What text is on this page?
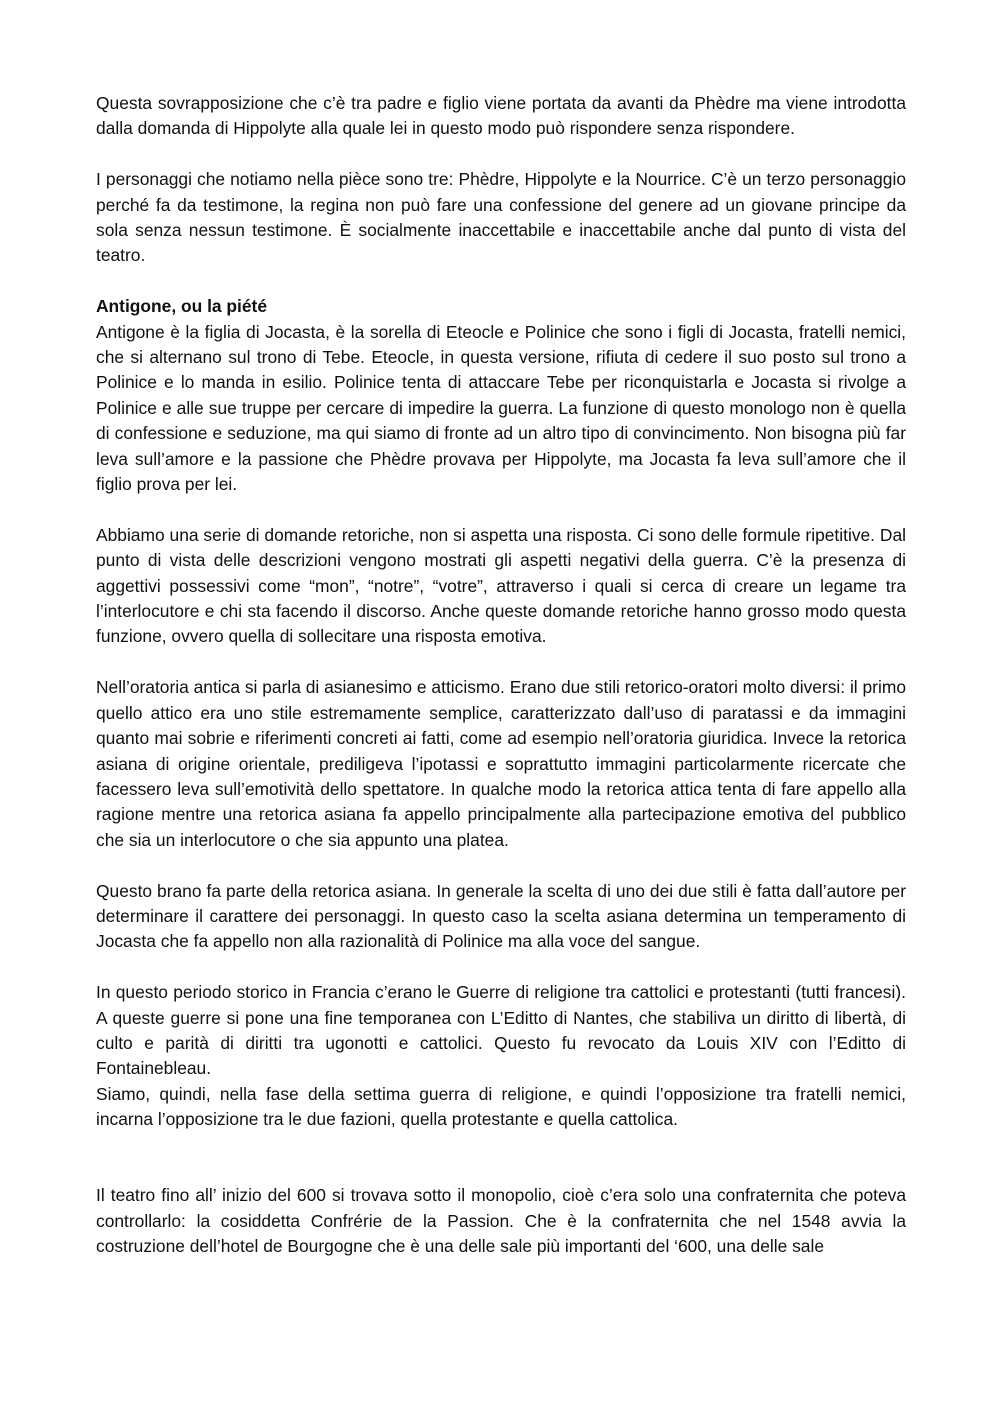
Questa sovrapposizione che c’è tra padre e figlio viene portata da avanti da Phèdre ma viene introdotta dalla domanda di Hippolyte alla quale lei in questo modo può rispondere senza rispondere.

I personaggi che notiamo nella pièce sono tre: Phèdre, Hippolyte e la Nourrice. C’è un terzo personaggio perché fa da testimone, la regina non può fare una confessione del genere ad un giovane principe da sola senza nessun testimone. È socialmente inaccettabile e inaccettabile anche dal punto di vista del teatro.

Antigone, ou la piété

Antigone è la figlia di Jocasta, è la sorella di Eteocle e Polinice che sono i figli di Jocasta, fratelli nemici, che si alternano sul trono di Tebe. Eteocle, in questa versione, rifiuta di cedere il suo posto sul trono a Polinice e lo manda in esilio. Polinice tenta di attaccare Tebe per riconquistarla e Jocasta si rivolge a Polinice e alle sue truppe per cercare di impedire la guerra. La funzione di questo monologo non è quella di confessione e seduzione, ma qui siamo di fronte ad un altro tipo di convincimento. Non bisogna più far leva sull’amore e la passione che Phèdre provava per Hippolyte, ma Jocasta fa leva sull’amore che il figlio prova per lei.

Abbiamo una serie di domande retoriche, non si aspetta una risposta. Ci sono delle formule ripetitive. Dal punto di vista delle descrizioni vengono mostrati gli aspetti negativi della guerra. C’è la presenza di aggettivi possessivi come “mon”, “notre”, “votre”, attraverso i quali si cerca di creare un legame tra l’interlocutore e chi sta facendo il discorso. Anche queste domande retoriche hanno grosso modo questa funzione, ovvero quella di sollecitare una risposta emotiva.

Nell’oratoria antica si parla di asianesimo e atticismo. Erano due stili retorico-oratori molto diversi: il primo quello attico era uno stile estremamente semplice, caratterizzato dall’uso di paratassi e da immagini quanto mai sobrie e riferimenti concreti ai fatti, come ad esempio nell’oratoria giuridica. Invece la retorica asiana di origine orientale, prediligeva l’ipotassi e soprattutto immagini particolarmente ricercate che facessero leva sull’emotività dello spettatore. In qualche modo la retorica attica tenta di fare appello alla ragione mentre una retorica asiana fa appello principalmente alla partecipazione emotiva del pubblico che sia un interlocutore o che sia appunto una platea.

Questo brano fa parte della retorica asiana. In generale la scelta di uno dei due stili è fatta dall’autore per determinare il carattere dei personaggi. In questo caso la scelta asiana determina un temperamento di Jocasta che fa appello non alla razionalità di Polinice ma alla voce del sangue.

In questo periodo storico in Francia c’erano le Guerre di religione tra cattolici e protestanti (tutti francesi). A queste guerre si pone una fine temporanea con L’Editto di Nantes, che stabiliva un diritto di libertà, di culto e parità di diritti tra ugonotti e cattolici. Questo fu revocato da Louis XIV con l’Editto di Fontainebleau.

Siamo, quindi, nella fase della settima guerra di religione, e quindi l’opposizione tra fratelli nemici, incarna l’opposizione tra le due fazioni, quella protestante e quella cattolica.

Il teatro fino all’ inizio del 600 si trovava sotto il monopolio, cioè c’era solo una confraternita che poteva controllarlo: la cosiddetta Confrérie de la Passion. Che è la confraternita che nel 1548 avvia la costruzione dell’hotel de Bourgogne che è una delle sale più importanti del ‘600, una delle sale
